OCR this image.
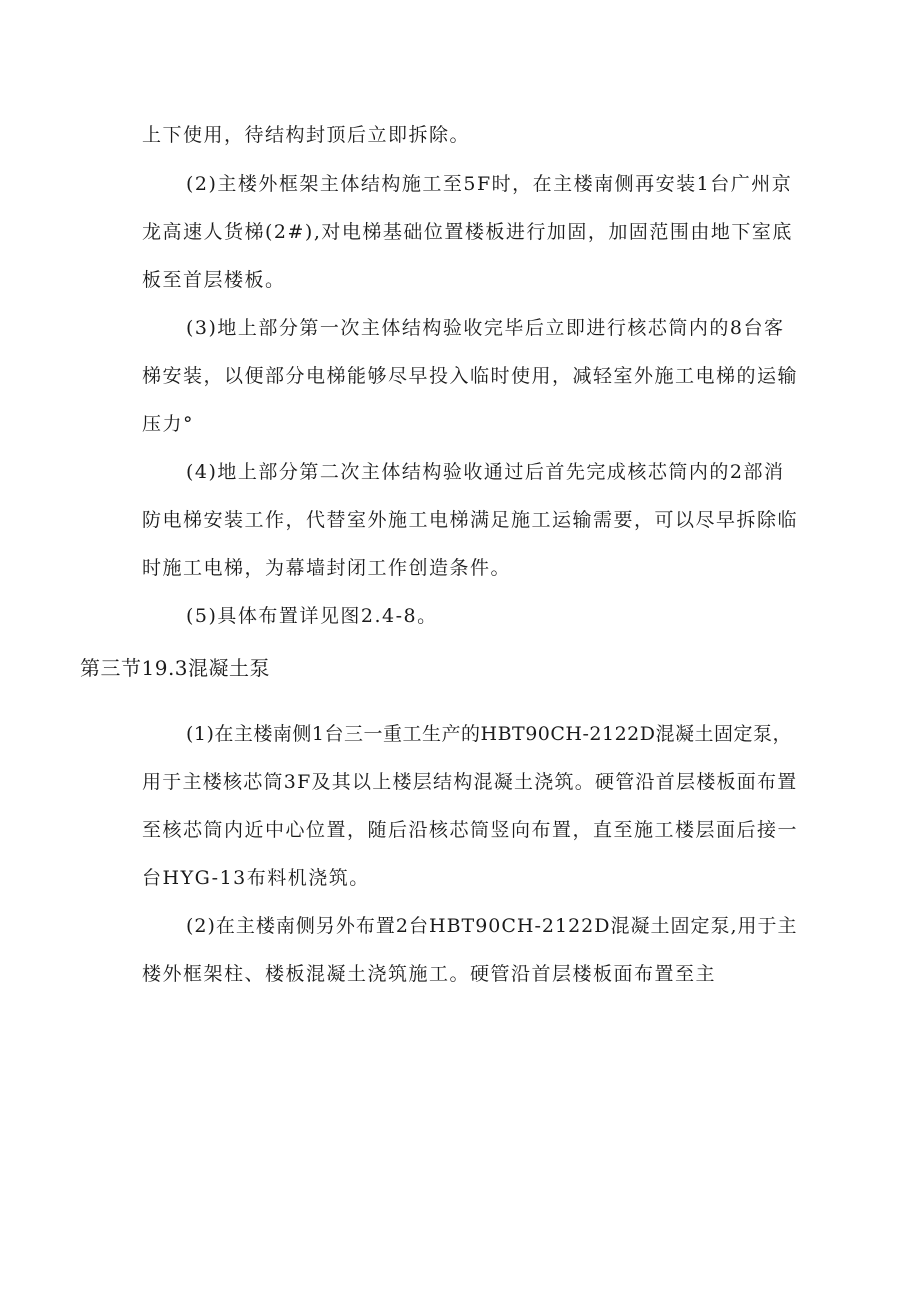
上下使用，待结构封顶后立即拆除。
(2)主楼外框架主体结构施工至5F时，在主楼南侧再安装1台广州京
龙高速人货梯(2#),对电梯基础位置楼板进行加固，加固范围由地下室底
板至首层楼板。
(3)地上部分第一次主体结构验收完毕后立即进行核芯筒内的8台客
梯安装，以便部分电梯能够尽早投入临时使用，减轻室外施工电梯的运输
压力°
(4)地上部分第二次主体结构验收通过后首先完成核芯筒内的2部消
防电梯安装工作，代替室外施工电梯满足施工运输需要，可以尽早拆除临
时施工电梯，为幕墙封闭工作创造条件。
(5)具体布置详见图2.4-8。
第三节19.3混凝土泵
(1)在主楼南侧1台三一重工生产的HBT90CH-2122D混凝土固定泵，
用于主楼核芯筒3F及其以上楼层结构混凝土浇筑。硬管沿首层楼板面布置
至核芯筒内近中心位置，随后沿核芯筒竖向布置，直至施工楼层面后接一
台HYG-13布料机浇筑。
(2)在主楼南侧另外布置2台HBT90CH-2122D混凝土固定泵,用于主
楼外框架柱、楼板混凝土浇筑施工。硬管沿首层楼板面布置至主
